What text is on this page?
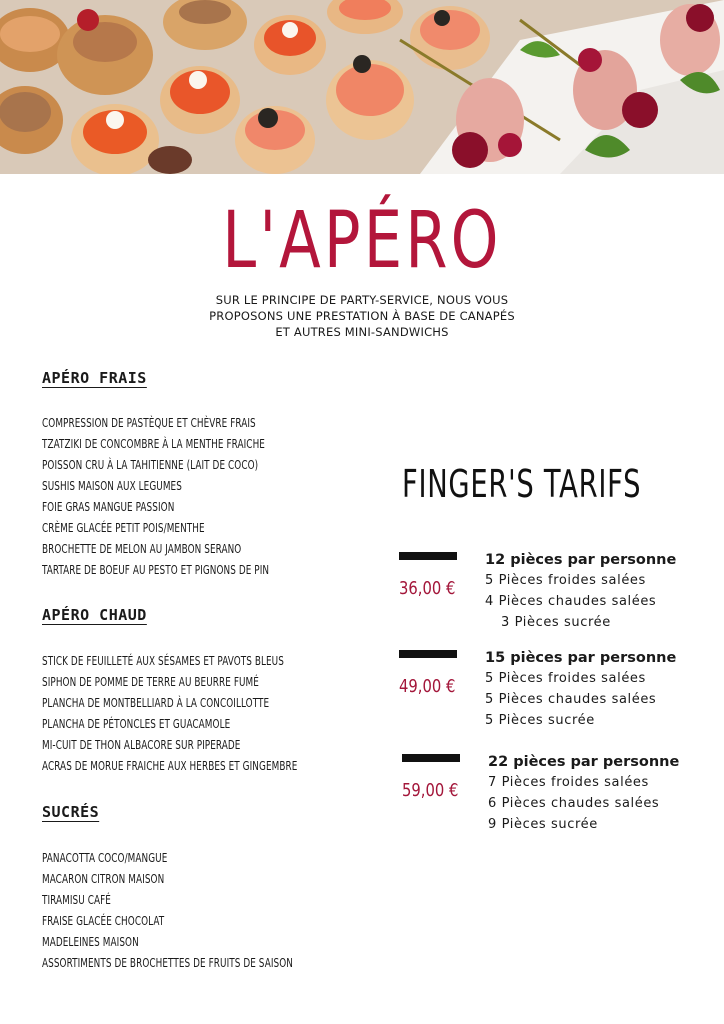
L'APÉRO
SUR LE PRINCIPE DE PARTY-SERVICE, NOUS VOUS
PROPOSONS UNE PRESTATION À BASE DE CANAPÉS
ET AUTRES MINI-SANDWICHS
APÉRO FRAIS
COMPRESSION DE PASTÈQUE ET CHÈVRE FRAIS
TZATZIKI DE CONCOMBRE À LA MENTHE FRAICHE
POISSON CRU À LA TAHITIENNE (LAIT DE COCO)
SUSHIS MAISON AUX LEGUMES
FOIE GRAS MANGUE PASSION
CRÈME GLACÉE PETIT POIS/MENTHE
BROCHETTE DE MELON AU JAMBON SERANO
TARTARE DE BOEUF AU PESTO ET PIGNONS DE PIN
APÉRO CHAUD
STICK DE FEUILLETÉ AUX SÉSAMES ET PAVOTS BLEUS
SIPHON DE POMME DE TERRE AU BEURRE FUMÉ
PLANCHA DE MONTBELLIARD À LA CONCOILLOTTE
PLANCHA DE PÉTONCLES ET GUACAMOLE
MI-CUIT DE THON ALBACORE SUR PIPERADE
ACRAS DE MORUE FRAICHE AUX HERBES ET GINGEMBRE
SUCRÉS
PANACOTTA COCO/MANGUE
MACARON CITRON MAISON
TIRAMISU CAFÉ
FRAISE GLACÉE CHOCOLAT
MADELEINES MAISON
ASSORTIMENTS DE BROCHETTES DE FRUITS DE SAISON
FINGER'S TARIFS
36,00 €
12 pièces par personne
5 Pièces froides salées
4 Pièces chaudes salées
3 Pièces sucrée
49,00 €
15 pièces par personne
5 Pièces froides salées
5 Pièces chaudes salées
5 Pièces sucrée
59,00 €
22 pièces par personne
7 Pièces froides salées
6 Pièces chaudes salées
9 Pièces sucrée
